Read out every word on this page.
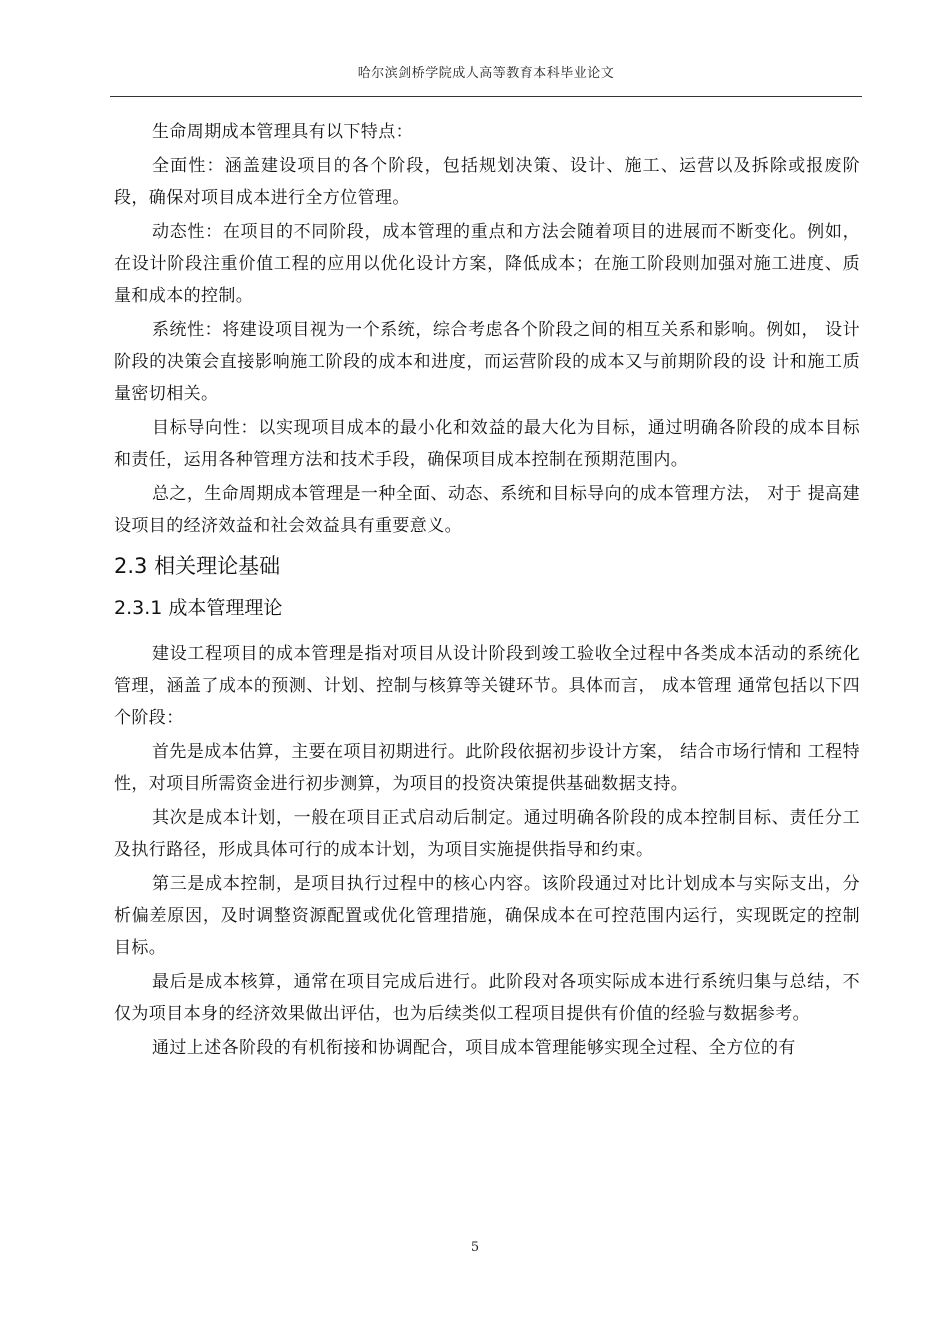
哈尔滨剑桥学院成人高等教育本科毕业论文

生命周期成本管理具有以下特点：

全面性：涵盖建设项目的各个阶段，包括规划决策、设计、施工、运营以及拆除或报废阶段，确保对项目成本进行全方位管理。

动态性：在项目的不同阶段，成本管理的重点和方法会随着项目的进展而不断变化。例如，在设计阶段注重价值工程的应用以优化设计方案，降低成本；在施工阶段则加强对施工进度、质量和成本的控制。

系统性：将建设项目视为一个系统，综合考虑各个阶段之间的相互关系和影响。例如， 设计阶段的决策会直接影响施工阶段的成本和进度，而运营阶段的成本又与前期阶段的设 计和施工质量密切相关。

目标导向性：以实现项目成本的最小化和效益的最大化为目标，通过明确各阶段的成本目标和责任，运用各种管理方法和技术手段，确保项目成本控制在预期范围内。

总之，生命周期成本管理是一种全面、动态、系统和目标导向的成本管理方法， 对于 提高建设项目的经济效益和社会效益具有重要意义。

2.3 相关理论基础
2.3.1 成本管理理论

建设工程项目的成本管理是指对项目从设计阶段到竣工验收全过程中各类成本活动的系统化管理，涵盖了成本的预测、计划、控制与核算等关键环节。具体而言， 成本管理 通常包括以下四个阶段：

首先是成本估算，主要在项目初期进行。此阶段依据初步设计方案， 结合市场行情和 工程特性，对项目所需资金进行初步测算，为项目的投资决策提供基础数据支持。

其次是成本计划，一般在项目正式启动后制定。通过明确各阶段的成本控制目标、责任分工及执行路径，形成具体可行的成本计划，为项目实施提供指导和约束。

第三是成本控制，是项目执行过程中的核心内容。该阶段通过对比计划成本与实际支出，分析偏差原因，及时调整资源配置或优化管理措施，确保成本在可控范围内运行，实现既定的控制目标。

最后是成本核算，通常在项目完成后进行。此阶段对各项实际成本进行系统归集与总结，不仅为项目本身的经济效果做出评估，也为后续类似工程项目提供有价值的经验与数据参考。

通过上述各阶段的有机衔接和协调配合，项目成本管理能够实现全过程、全方位的有

5
